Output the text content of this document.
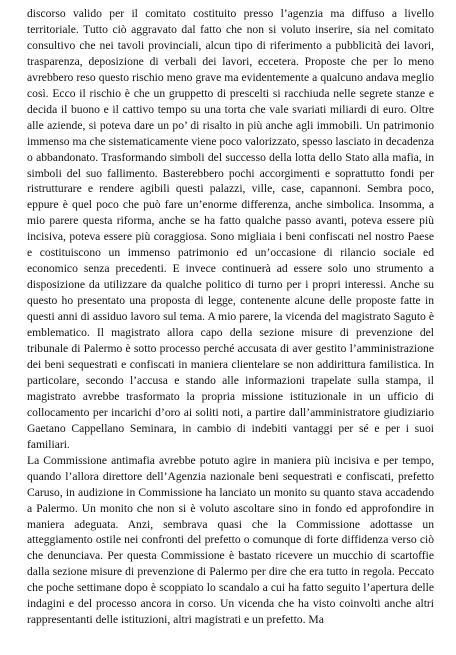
discorso valido per il comitato costituito presso l’agenzia ma diffuso a livello territoriale. Tutto ciò aggravato dal fatto che non si voluto inserire, sia nel comitato consultivo che nei tavoli provinciali, alcun tipo di riferimento a pubblicità dei lavori, trasparenza, deposizione di verbali dei lavori, eccetera. Proposte che per lo meno avrebbero reso questo rischio meno grave ma evidentemente a qualcuno andava meglio così. Ecco il rischio è che un gruppetto di prescelti si racchiuda nelle segrete stanze e decida il buono e il cattivo tempo su una torta che vale svariati miliardi di euro. Oltre alle aziende, si poteva dare un po’ di risalto in più anche agli immobili. Un patrimonio immenso ma che sistematicamente viene poco valorizzato, spesso lasciato in decadenza o abbandonato. Trasformando simboli del successo della lotta dello Stato alla mafia, in simboli del suo fallimento. Basterebbero pochi accorgimenti e soprattutto fondi per ristrutturare e rendere agibili questi palazzi, ville, case, capannoni. Sembra poco, eppure è quel poco che può fare un’enorme differenza, anche simbolica. Insomma, a mio parere questa riforma, anche se ha fatto qualche passo avanti, poteva essere più incisiva, poteva essere più coraggiosa. Sono migliaia i beni confiscati nel nostro Paese e costituiscono un immenso patrimonio ed un’occasione di rilancio sociale ed economico senza precedenti. E invece continuerà ad essere solo uno strumento a disposizione da utilizzare da qualche politico di turno per i propri interessi. Anche su questo ho presentato una proposta di legge, contenente alcune delle proposte fatte in questi anni di assiduo lavoro sul tema. A mio parere, la vicenda del magistrato Saguto è emblematico. Il magistrato allora capo della sezione misure di prevenzione del tribunale di Palermo è sotto processo perché accusata di aver gestito l’amministrazione dei beni sequestrati e confiscati in maniera clientelare se non addirittura familistica. In particolare, secondo l’accusa e stando alle informazioni trapelate sulla stampa, il magistrato avrebbe trasformato la propria missione istituzionale in un ufficio di collocamento per incarichi d’oro ai soliti noti, a partire dall’amministratore giudiziario Gaetano Cappellano Seminara, in cambio di indebiti vantaggi per sé e per i suoi familiari.

La Commissione antimafia avrebbe potuto agire in maniera più incisiva e per tempo, quando l’allora direttore dell’Agenzia nazionale beni sequestrati e confiscati, prefetto Caruso, in audizione in Commissione ha lanciato un monito su quanto stava accadendo a Palermo. Un monito che non si è voluto ascoltare sino in fondo ed approfondire in maniera adeguata. Anzi, sembrava quasi che la Commissione adottasse un atteggiamento ostile nei confronti del prefetto o comunque di forte diffidenza verso ciò che denunciava. Per questa Commissione è bastato ricevere un mucchio di scartoffie dalla sezione misure di prevenzione di Palermo per dire che era tutto in regola. Peccato che poche settimane dopo è scoppiato lo scandalo a cui ha fatto seguito l’apertura delle indagini e del processo ancora in corso. Un vicenda che ha visto coinvolti anche altri rappresentanti delle istituzioni, altri magistrati e un prefetto. Ma
